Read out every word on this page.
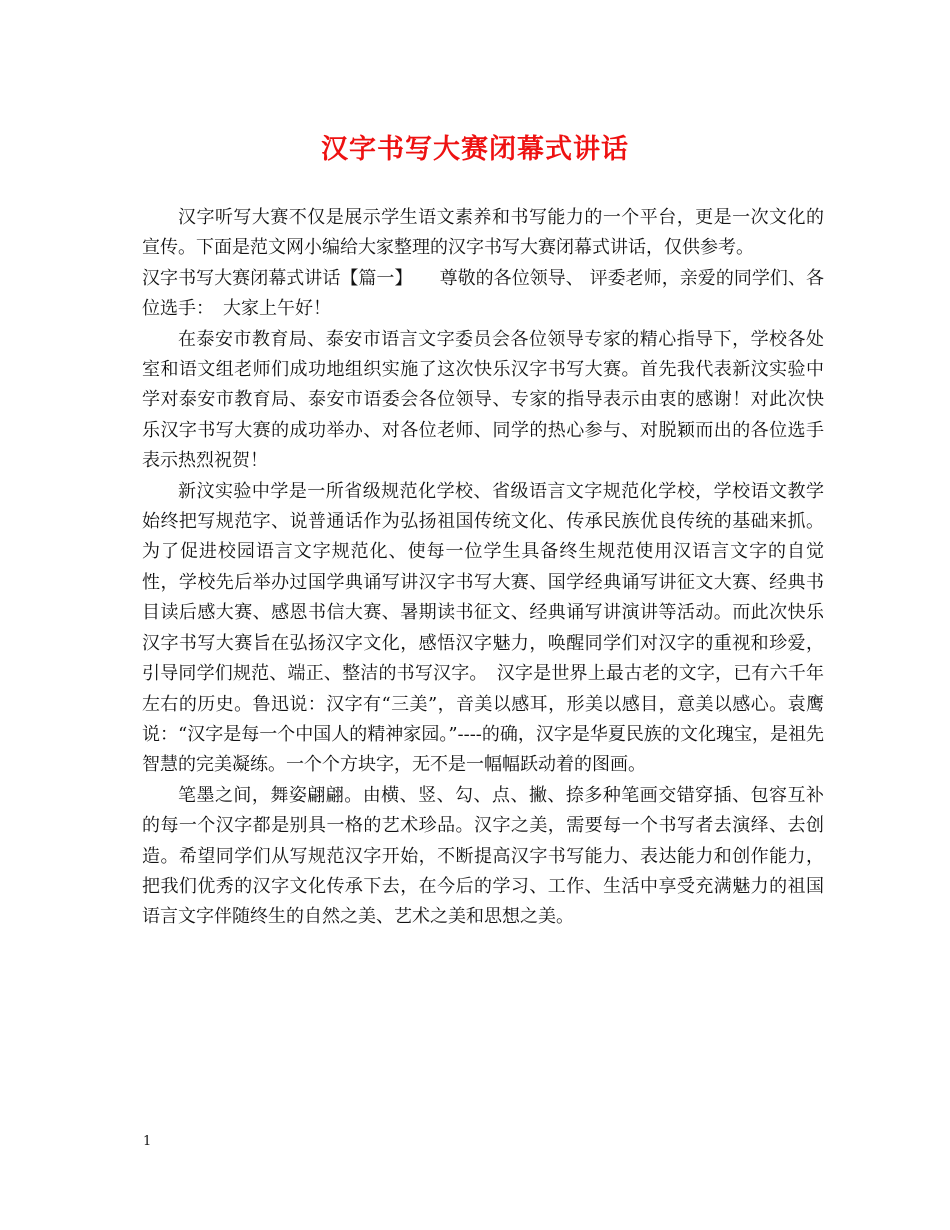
汉字书写大赛闭幕式讲话

汉字听写大赛不仅是展示学生语文素养和书写能力的一个平台，更是一次文化的宣传。下面是范文网小编给大家整理的汉字书写大赛闭幕式讲话，仅供参考。

汉字书写大赛闭幕式讲话【篇一】　　尊敬的各位领导、 评委老师，亲爱的同学们、各位选手：　大家上午好！

在泰安市教育局、泰安市语言文字委员会各位领导专家的精心指导下，学校各处室和语文组老师们成功地组织实施了这次快乐汉字书写大赛。首先我代表新汶实验中学对泰安市教育局、泰安市语委会各位领导、专家的指导表示由衷的感谢！对此次快乐汉字书写大赛的成功举办、对各位老师、同学的热心参与、对脱颖而出的各位选手表示热烈祝贺！

新汶实验中学是一所省级规范化学校、省级语言文字规范化学校，学校语文教学始终把写规范字、说普通话作为弘扬祖国传统文化、传承民族优良传统的基础来抓。为了促进校园语言文字规范化、使每一位学生具备终生规范使用汉语言文字的自觉性，学校先后举办过国学典诵写讲汉字书写大赛、国学经典诵写讲征文大赛、经典书目读后感大赛、感恩书信大赛、暑期读书征文、经典诵写讲演讲等活动。而此次快乐汉字书写大赛旨在弘扬汉字文化，感悟汉字魅力，唤醒同学们对汉字的重视和珍爱，引导同学们规范、端正、整洁的书写汉字。　汉字是世界上最古老的文字，已有六千年左右的历史。鲁迅说：汉字有“三美”，音美以感耳，形美以感目，意美以感心。袁鹰说：“汉字是每一个中国人的精神家园。”----的确，汉字是华夏民族的文化瑰宝，是祖先智慧的完美凝练。一个个方块字，无不是一幅幅跃动着的图画。

笔墨之间，舞姿翩翩。由横、竖、勾、点、撇、捺多种笔画交错穿插、包容互补的每一个汉字都是别具一格的艺术珍品。汉字之美，需要每一个书写者去演绎、去创造。希望同学们从写规范汉字开始，不断提高汉字书写能力、表达能力和创作能力，把我们优秀的汉字文化传承下去，在今后的学习、工作、生活中享受充满魅力的祖国语言文字伴随终生的自然之美、艺术之美和思想之美。

1
